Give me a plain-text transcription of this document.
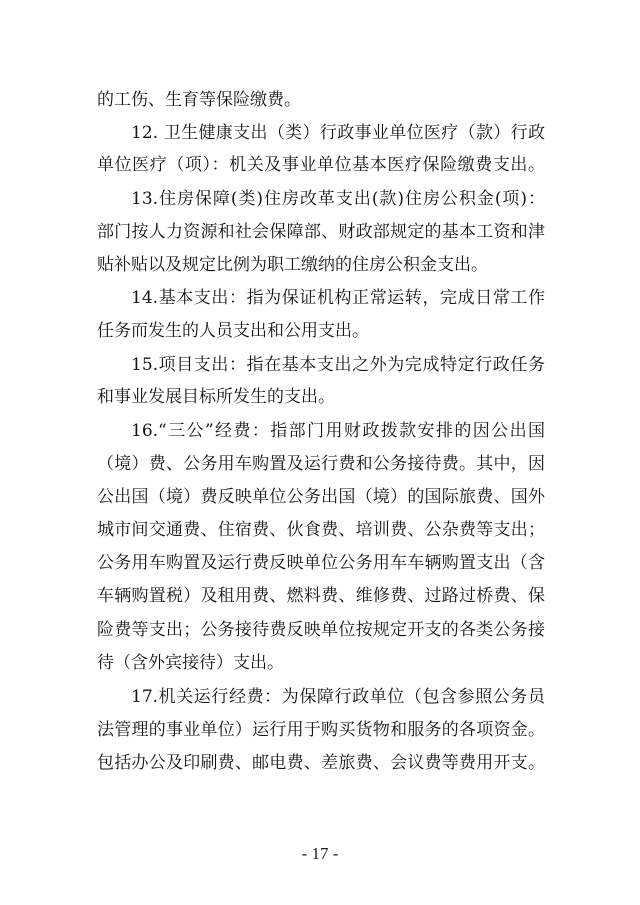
的工伤、生育等保险缴费。

12. 卫生健康支出（类）行政事业单位医疗（款）行政

单位医疗（项）：机关及事业单位基本医疗保险缴费支出。

13.住房保障(类)住房改革支出(款)住房公积金(项)：

部门按人力资源和社会保障部、财政部规定的基本工资和津

贴补贴以及规定比例为职工缴纳的住房公积金支出。

14.基本支出：指为保证机构正常运转，完成日常工作

任务而发生的人员支出和公用支出。

15.项目支出：指在基本支出之外为完成特定行政任务

和事业发展目标所发生的支出。

16.“三公”经费：指部门用财政拨款安排的因公出国

（境）费、公务用车购置及运行费和公务接待费。其中，因

公出国（境）费反映单位公务出国（境）的国际旅费、国外

城市间交通费、住宿费、伙食费、培训费、公杂费等支出；

公务用车购置及运行费反映单位公务用车车辆购置支出（含

车辆购置税）及租用费、燃料费、维修费、过路过桥费、保

险费等支出；公务接待费反映单位按规定开支的各类公务接

待（含外宾接待）支出。

17.机关运行经费：为保障行政单位（包含参照公务员

法管理的事业单位）运行用于购买货物和服务的各项资金。

包括办公及印刷费、邮电费、差旅费、会议费等费用开支。

- 17 -
